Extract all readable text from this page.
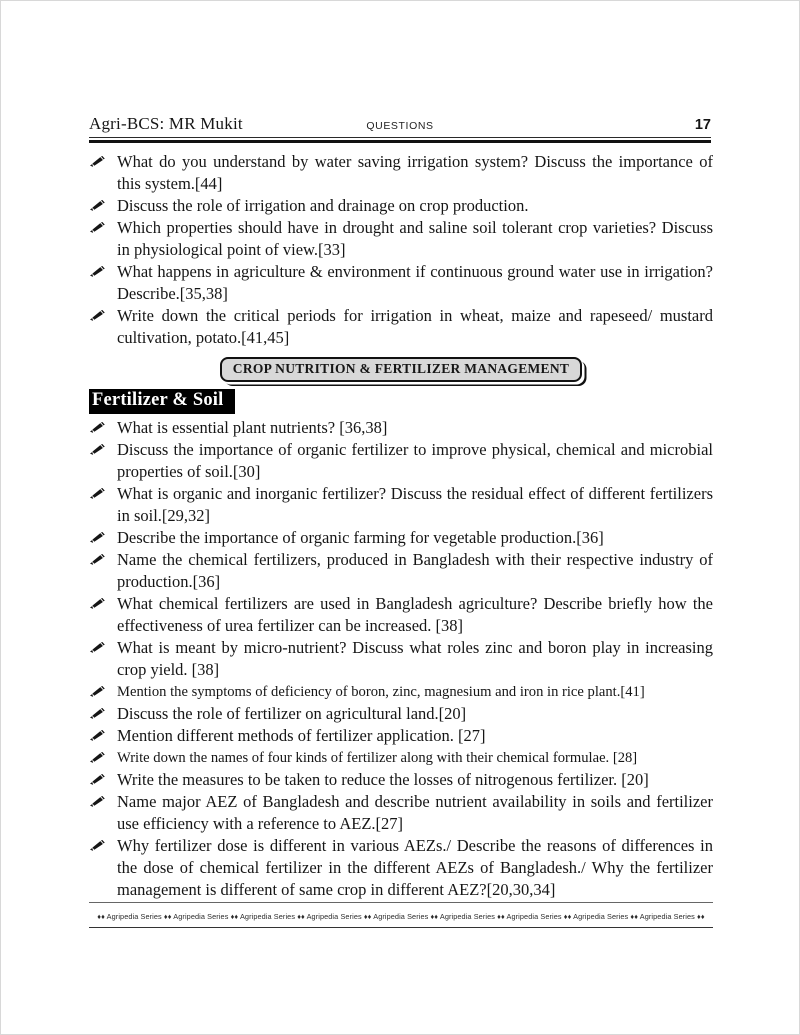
Agri-BCS: MR Mukit	QUESTIONS	17
What do you understand by water saving irrigation system? Discuss the importance of this system.[44]
Discuss the role of irrigation and drainage on crop production.
Which properties should have in drought and saline soil tolerant crop varieties? Discuss in physiological point of view.[33]
What happens in agriculture & environment if continuous ground water use in irrigation? Describe.[35,38]
Write down the critical periods for irrigation in wheat, maize and rapeseed/ mustard cultivation, potato.[41,45]
CROP NUTRITION & FERTILIZER MANAGEMENT
Fertilizer & Soil
What is essential plant nutrients? [36,38]
Discuss the importance of organic fertilizer to improve physical, chemical and microbial properties of soil.[30]
What is organic and inorganic fertilizer? Discuss the residual effect of different fertilizers in soil.[29,32]
Describe the importance of organic farming for vegetable production.[36]
Name the chemical fertilizers, produced in Bangladesh with their respective industry of production.[36]
What chemical fertilizers are used in Bangladesh agriculture? Describe briefly how the effectiveness of urea fertilizer can be increased. [38]
What is meant by micro-nutrient? Discuss what roles zinc and boron play in increasing crop yield. [38]
Mention the symptoms of deficiency of boron, zinc, magnesium and iron in rice plant.[41]
Discuss the role of fertilizer on agricultural land.[20]
Mention different methods of fertilizer application. [27]
Write down the names of four kinds of fertilizer along with their chemical formulae. [28]
Write the measures to be taken to reduce the losses of nitrogenous fertilizer. [20]
Name major AEZ of Bangladesh and describe nutrient availability in soils and fertilizer use efficiency with a reference to AEZ.[27]
Why fertilizer dose is different in various AEZs./ Describe the reasons of differences in the dose of chemical fertilizer in the different AEZs of Bangladesh./ Why the fertilizer management is different of same crop in different AEZ?[20,30,34]
♦♦ Agripedia Series ♦♦ Agripedia Series ♦♦ Agripedia Series ♦♦ Agripedia Series ♦♦ Agripedia Series ♦♦ Agripedia Series ♦♦ Agripedia Series ♦♦ Agripedia Series ♦♦ Agripedia Series ♦♦
